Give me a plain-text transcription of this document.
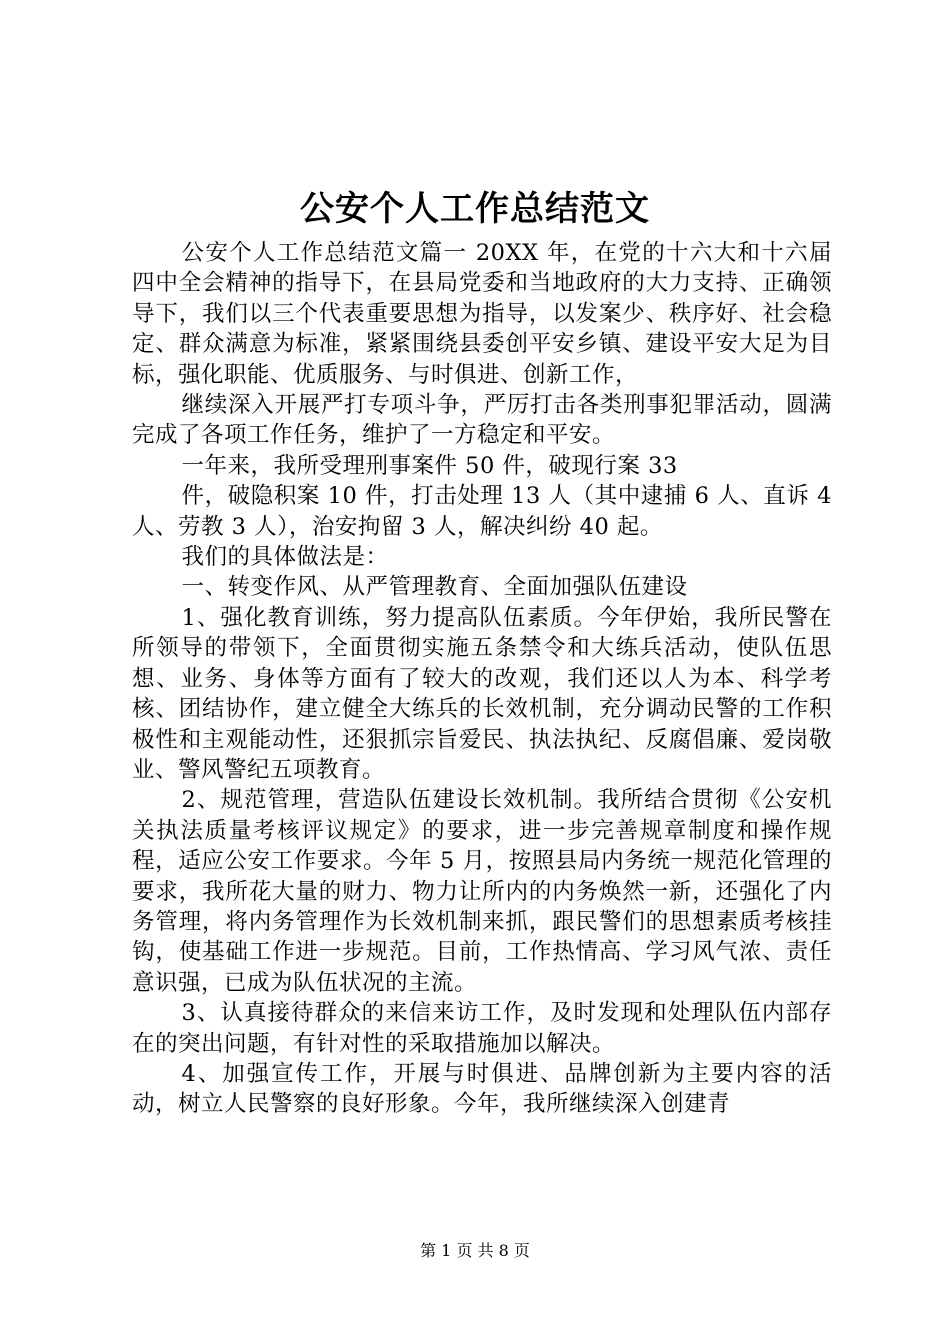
公安个人工作总结范文

公安个人工作总结范文篇一 20XX 年，在党的十六大和十六届四中全会精神的指导下，在县局党委和当地政府的大力支持、正确领导下，我们以三个代表重要思想为指导，以发案少、秩序好、社会稳定、群众满意为标准，紧紧围绕县委创平安乡镇、建设平安大足为目标，强化职能、优质服务、与时俱进、创新工作，

继续深入开展严打专项斗争，严厉打击各类刑事犯罪活动，圆满完成了各项工作任务，维护了一方稳定和平安。

一年来，我所受理刑事案件 50 件，破现行案 33

件，破隐积案 10 件，打击处理 13 人（其中逮捕 6 人、直诉 4 人、劳教 3 人），治安拘留 3 人，解决纠纷 40 起。

我们的具体做法是：

一、转变作风、从严管理教育、全面加强队伍建设

1、强化教育训练，努力提高队伍素质。今年伊始，我所民警在所领导的带领下，全面贯彻实施五条禁令和大练兵活动，使队伍思想、业务、身体等方面有了较大的改观，我们还以人为本、科学考核、团结协作，建立健全大练兵的长效机制，充分调动民警的工作积极性和主观能动性，还狠抓宗旨爱民、执法执纪、反腐倡廉、爱岗敬业、警风警纪五项教育。

2、规范管理，营造队伍建设长效机制。我所结合贯彻《公安机关执法质量考核评议规定》的要求，进一步完善规章制度和操作规程，适应公安工作要求。今年 5 月，按照县局内务统一规范化管理的要求，我所花大量的财力、物力让所内的内务焕然一新，还强化了内务管理，将内务管理作为长效机制来抓，跟民警们的思想素质考核挂钩，使基础工作进一步规范。目前，工作热情高、学习风气浓、责任意识强，已成为队伍状况的主流。

3、认真接待群众的来信来访工作，及时发现和处理队伍内部存在的突出问题，有针对性的采取措施加以解决。

4、加强宣传工作，开展与时俱进、品牌创新为主要内容的活动，树立人民警察的良好形象。今年，我所继续深入创建青

第 1 页 共 8 页
